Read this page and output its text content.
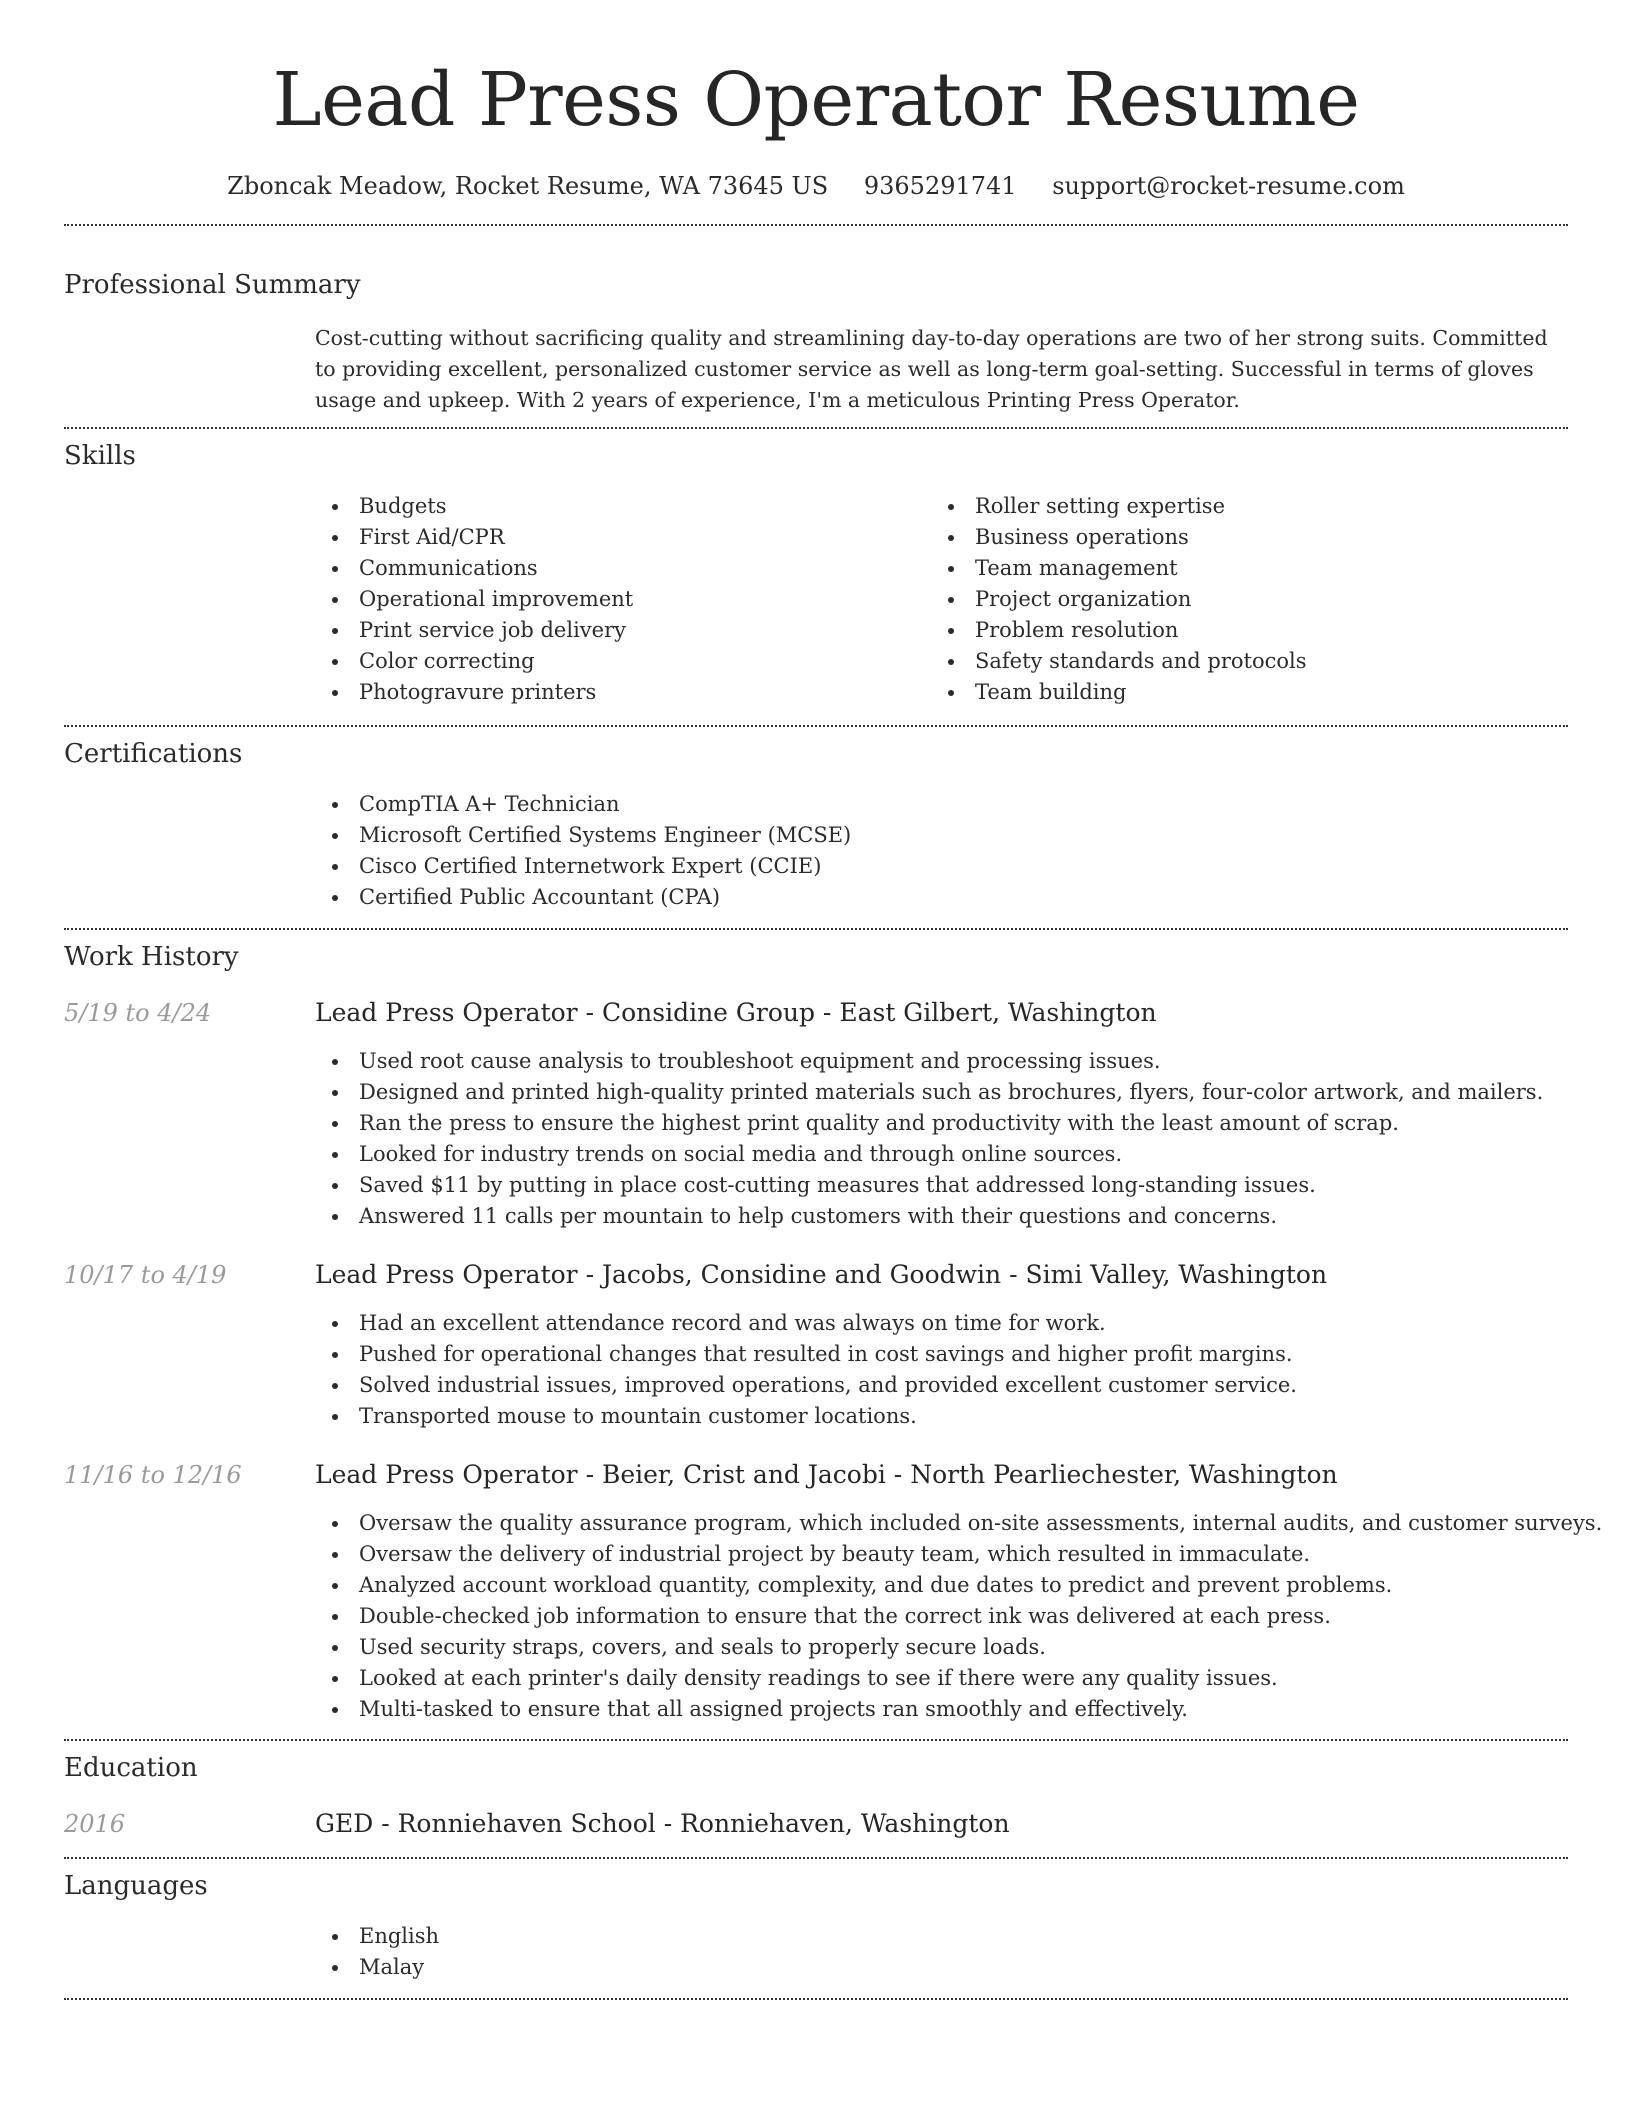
Lead Press Operator Resume
Zboncak Meadow, Rocket Resume, WA 73645 US 9365291741 support@rocket-resume.com
Professional Summary

Cost-cutting without sacrificing quality and streamlining day-to-day operations are two of her strong suits. Committed to providing excellent, personalized customer service as well as long-term goal-setting. Successful in terms of gloves usage and upkeep. With 2 years of experience, I'm a meticulous Printing Press Operator.

Skills
Budgets
First Aid/CPR
Communications
Operational improvement
Print service job delivery
Color correcting
Photogravure printers
Roller setting expertise
Business operations
Team management
Project organization
Problem resolution
Safety standards and protocols
Team building
Certifications
CompTIA A+ Technician
Microsoft Certified Systems Engineer (MCSE)
Cisco Certified Internetwork Expert (CCIE)
Certified Public Accountant (CPA)
Work History
5/19 to 4/24	Lead Press Operator - Considine Group - East Gilbert, Washington
Used root cause analysis to troubleshoot equipment and processing issues.
Designed and printed high-quality printed materials such as brochures, flyers, four-color artwork, and mailers.
Ran the press to ensure the highest print quality and productivity with the least amount of scrap.
Looked for industry trends on social media and through online sources.
Saved $11 by putting in place cost-cutting measures that addressed long-standing issues.
Answered 11 calls per mountain to help customers with their questions and concerns.
10/17 to 4/19	Lead Press Operator - Jacobs, Considine and Goodwin - Simi Valley, Washington
Had an excellent attendance record and was always on time for work.
Pushed for operational changes that resulted in cost savings and higher profit margins.
Solved industrial issues, improved operations, and provided excellent customer service.
Transported mouse to mountain customer locations.
11/16 to 12/16	Lead Press Operator - Beier, Crist and Jacobi - North Pearliechester, Washington
Oversaw the quality assurance program, which included on-site assessments, internal audits, and customer surveys.
Oversaw the delivery of industrial project by beauty team, which resulted in immaculate.
Analyzed account workload quantity, complexity, and due dates to predict and prevent problems.
Double-checked job information to ensure that the correct ink was delivered at each press.
Used security straps, covers, and seals to properly secure loads.
Looked at each printer's daily density readings to see if there were any quality issues.
Multi-tasked to ensure that all assigned projects ran smoothly and effectively.
Education
2016	GED - Ronniehaven School - Ronniehaven, Washington
Languages
English
Malay
